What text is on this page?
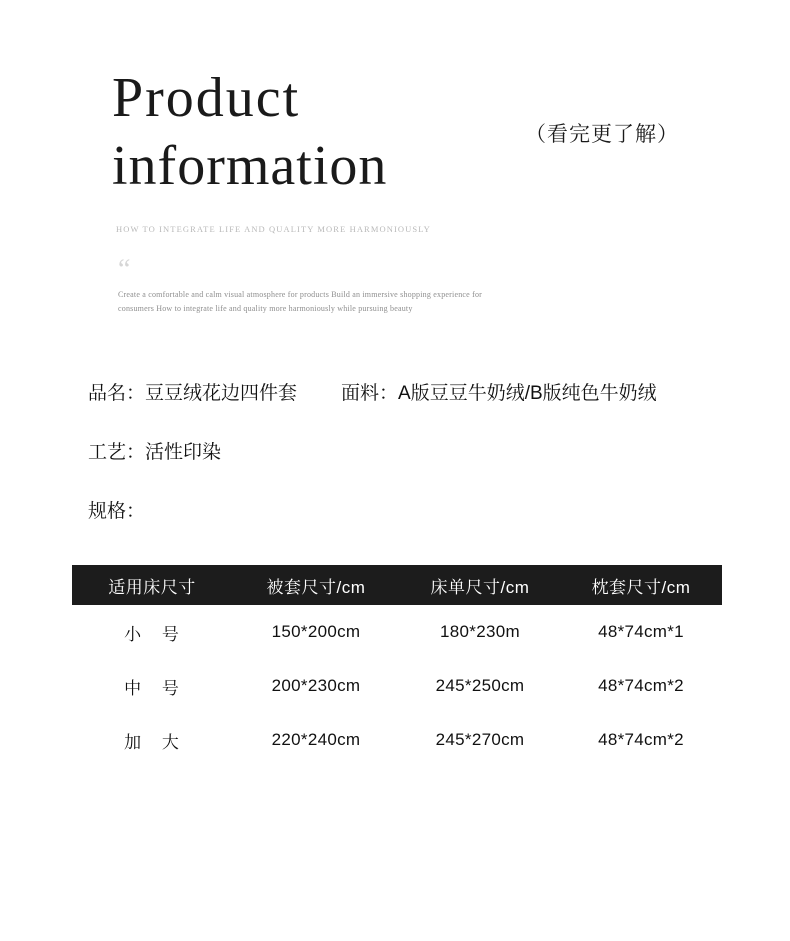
Product
information
HOW TO INTEGRATE LIFE AND QUALITY MORE HARMONIOUSLY
（看完更了解）
“
Create a comfortable and calm visual atmosphere for products Build an immersive shopping experience for consumers How to integrate life and quality more harmoniously while pursuing beauty
品名：豆豆绒花边四件套 面料：A版豆豆牛奶绒/B版纯色牛奶绒
工艺：活性印染
规格：
适用床尺寸	被套尺寸/cm	床单尺寸/cm	枕套尺寸/cm
小 号	150*200cm	180*230m	48*74cm*1
中 号	200*230cm	245*250cm	48*74cm*2
加 大	220*240cm	245*270cm	48*74cm*2
